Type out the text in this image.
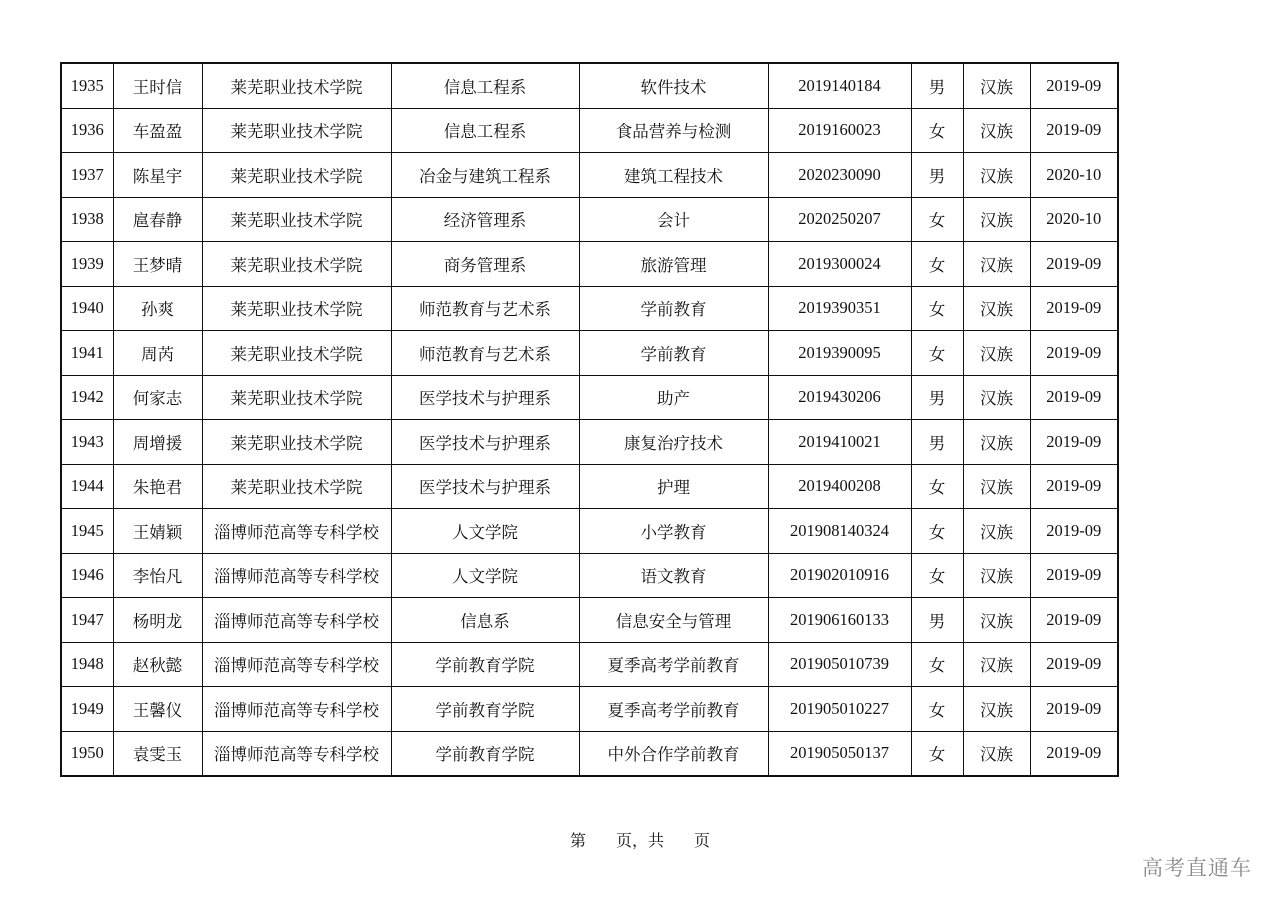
1935	王时信	莱芜职业技术学院	信息工程系	软件技术	2019140184	男	汉族	2019-09
1936	车盈盈	莱芜职业技术学院	信息工程系	食品营养与检测	2019160023	女	汉族	2019-09
1937	陈星宇	莱芜职业技术学院	冶金与建筑工程系	建筑工程技术	2020230090	男	汉族	2020-10
1938	扈春静	莱芜职业技术学院	经济管理系	会计	2020250207	女	汉族	2020-10
1939	王梦晴	莱芜职业技术学院	商务管理系	旅游管理	2019300024	女	汉族	2019-09
1940	孙爽	莱芜职业技术学院	师范教育与艺术系	学前教育	2019390351	女	汉族	2019-09
1941	周芮	莱芜职业技术学院	师范教育与艺术系	学前教育	2019390095	女	汉族	2019-09
1942	何家志	莱芜职业技术学院	医学技术与护理系	助产	2019430206	男	汉族	2019-09
1943	周增援	莱芜职业技术学院	医学技术与护理系	康复治疗技术	2019410021	男	汉族	2019-09
1944	朱艳君	莱芜职业技术学院	医学技术与护理系	护理	2019400208	女	汉族	2019-09
1945	王婧颖	淄博师范高等专科学校	人文学院	小学教育	201908140324	女	汉族	2019-09
1946	李怡凡	淄博师范高等专科学校	人文学院	语文教育	201902010916	女	汉族	2019-09
1947	杨明龙	淄博师范高等专科学校	信息系	信息安全与管理	201906160133	男	汉族	2019-09
1948	赵秋懿	淄博师范高等专科学校	学前教育学院	夏季高考学前教育	201905010739	女	汉族	2019-09
1949	王馨仪	淄博师范高等专科学校	学前教育学院	夏季高考学前教育	201905010227	女	汉族	2019-09
1950	袁雯玉	淄博师范高等专科学校	学前教育学院	中外合作学前教育	201905050137	女	汉族	2019-09
第 页，共 页
高考直通车
